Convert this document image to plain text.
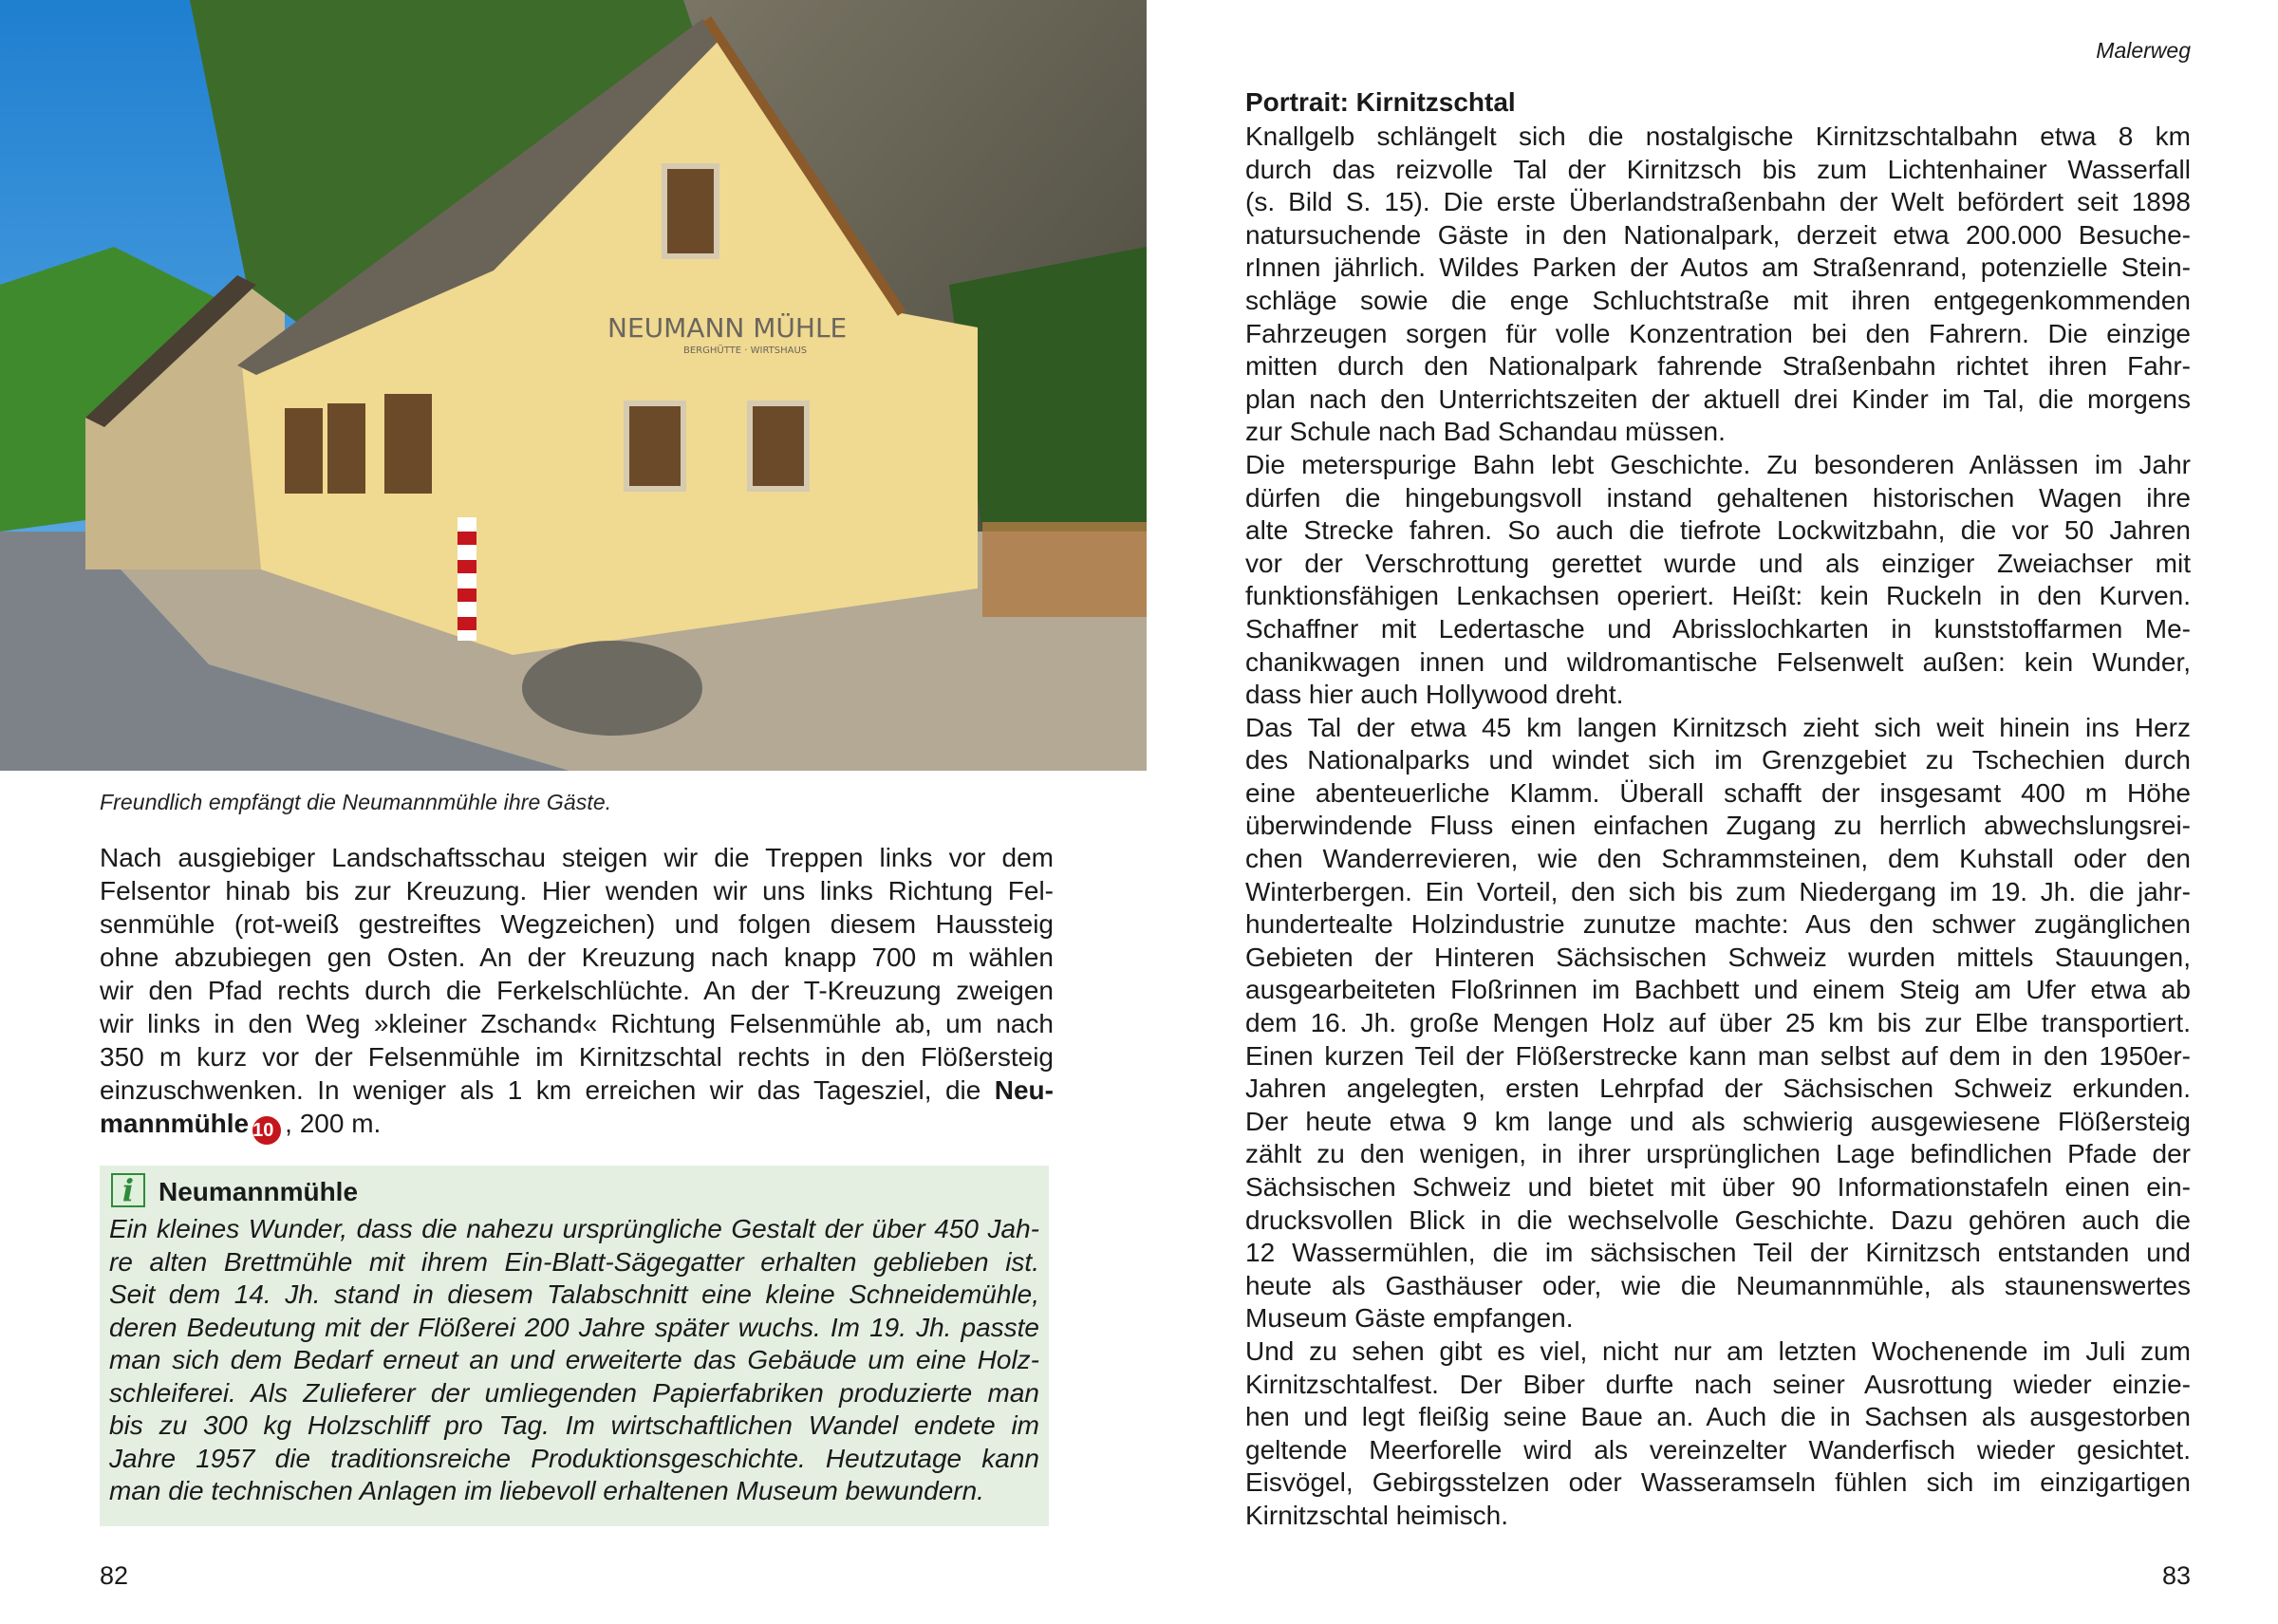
NEUMANN MÜHLE
BERGHÜTTE · WIRTSHAUS
Freundlich empfängt die Neumannmühle ihre Gäste.
Nach ausgiebiger Landschaftsschau steigen wir die Treppen links vor dem
Felsentor hinab bis zur Kreuzung. Hier wenden wir uns links Richtung Fel-
senmühle (rot-weiß gestreiftes Wegzeichen) und folgen diesem Haussteig
ohne abzubiegen gen Osten. An der Kreuzung nach knapp 700 m wählen
wir den Pfad rechts durch die Ferkelschlüchte. An der T-Kreuzung zweigen
wir links in den Weg »kleiner Zschand« Richtung Felsenmühle ab, um nach
350 m kurz vor der Felsenmühle im Kirnitzschtal rechts in den Flößersteig
einzuschwenken. In weniger als 1 km erreichen wir das Tagesziel, die Neu-
mannmühle 10 , 200 m.
i Neumannmühle
Ein kleines Wunder, dass die nahezu ursprüngliche Gestalt der über 450 Jah-
re alten Brettmühle mit ihrem Ein-Blatt-Sägegatter erhalten geblieben ist.
Seit dem 14. Jh. stand in diesem Talabschnitt eine kleine Schneidemühle,
deren Bedeutung mit der Flößerei 200 Jahre später wuchs. Im 19. Jh. passte
man sich dem Bedarf erneut an und erweiterte das Gebäude um eine Holz-
schleiferei. Als Zulieferer der umliegenden Papierfabriken produzierte man
bis zu 300 kg Holzschliff pro Tag. Im wirtschaftlichen Wandel endete im
Jahre 1957 die traditionsreiche Produktionsgeschichte. Heutzutage kann
man die technischen Anlagen im liebevoll erhaltenen Museum bewundern.
82
Malerweg
Portrait: Kirnitzschtal
Knallgelb schlängelt sich die nostalgische Kirnitzschtalbahn etwa 8 km
durch das reizvolle Tal der Kirnitzsch bis zum Lichtenhainer Wasserfall
(s. Bild S. 15). Die erste Überlandstraßenbahn der Welt befördert seit 1898
natursuchende Gäste in den Nationalpark, derzeit etwa 200.000 Besuche-
rInnen jährlich. Wildes Parken der Autos am Straßenrand, potenzielle Stein-
schläge sowie die enge Schluchtstraße mit ihren entgegenkommenden
Fahrzeugen sorgen für volle Konzentration bei den Fahrern. Die einzige
mitten durch den Nationalpark fahrende Straßenbahn richtet ihren Fahr-
plan nach den Unterrichtszeiten der aktuell drei Kinder im Tal, die morgens
zur Schule nach Bad Schandau müssen.
Die meterspurige Bahn lebt Geschichte. Zu besonderen Anlässen im Jahr
dürfen die hingebungsvoll instand gehaltenen historischen Wagen ihre
alte Strecke fahren. So auch die tiefrote Lockwitzbahn, die vor 50 Jahren
vor der Verschrottung gerettet wurde und als einziger Zweiachser mit
funktionsfähigen Lenkachsen operiert. Heißt: kein Ruckeln in den Kurven.
Schaffner mit Ledertasche und Abrisslochkarten in kunststoffarmen Me-
chanikwagen innen und wildromantische Felsenwelt außen: kein Wunder,
dass hier auch Hollywood dreht.
Das Tal der etwa 45 km langen Kirnitzsch zieht sich weit hinein ins Herz
des Nationalparks und windet sich im Grenzgebiet zu Tschechien durch
eine abenteuerliche Klamm. Überall schafft der insgesamt 400 m Höhe
überwindende Fluss einen einfachen Zugang zu herrlich abwechslungsrei-
chen Wanderrevieren, wie den Schrammsteinen, dem Kuhstall oder den
Winterbergen. Ein Vorteil, den sich bis zum Niedergang im 19. Jh. die jahr-
hundertealte Holzindustrie zunutze machte: Aus den schwer zugänglichen
Gebieten der Hinteren Sächsischen Schweiz wurden mittels Stauungen,
ausgearbeiteten Floßrinnen im Bachbett und einem Steig am Ufer etwa ab
dem 16. Jh. große Mengen Holz auf über 25 km bis zur Elbe transportiert.
Einen kurzen Teil der Flößerstrecke kann man selbst auf dem in den 1950er-
Jahren angelegten, ersten Lehrpfad der Sächsischen Schweiz erkunden.
Der heute etwa 9 km lange und als schwierig ausgewiesene Flößersteig
zählt zu den wenigen, in ihrer ursprünglichen Lage befindlichen Pfade der
Sächsischen Schweiz und bietet mit über 90 Informationstafeln einen ein-
drucksvollen Blick in die wechselvolle Geschichte. Dazu gehören auch die
12 Wassermühlen, die im sächsischen Teil der Kirnitzsch entstanden und
heute als Gasthäuser oder, wie die Neumannmühle, als staunenswertes
Museum Gäste empfangen.
Und zu sehen gibt es viel, nicht nur am letzten Wochenende im Juli zum
Kirnitzschtalfest. Der Biber durfte nach seiner Ausrottung wieder einzie-
hen und legt fleißig seine Baue an. Auch die in Sachsen als ausgestorben
geltende Meerforelle wird als vereinzelter Wanderfisch wieder gesichtet.
Eisvögel, Gebirgsstelzen oder Wasseramseln fühlen sich im einzigartigen
Kirnitzschtal heimisch.
83
